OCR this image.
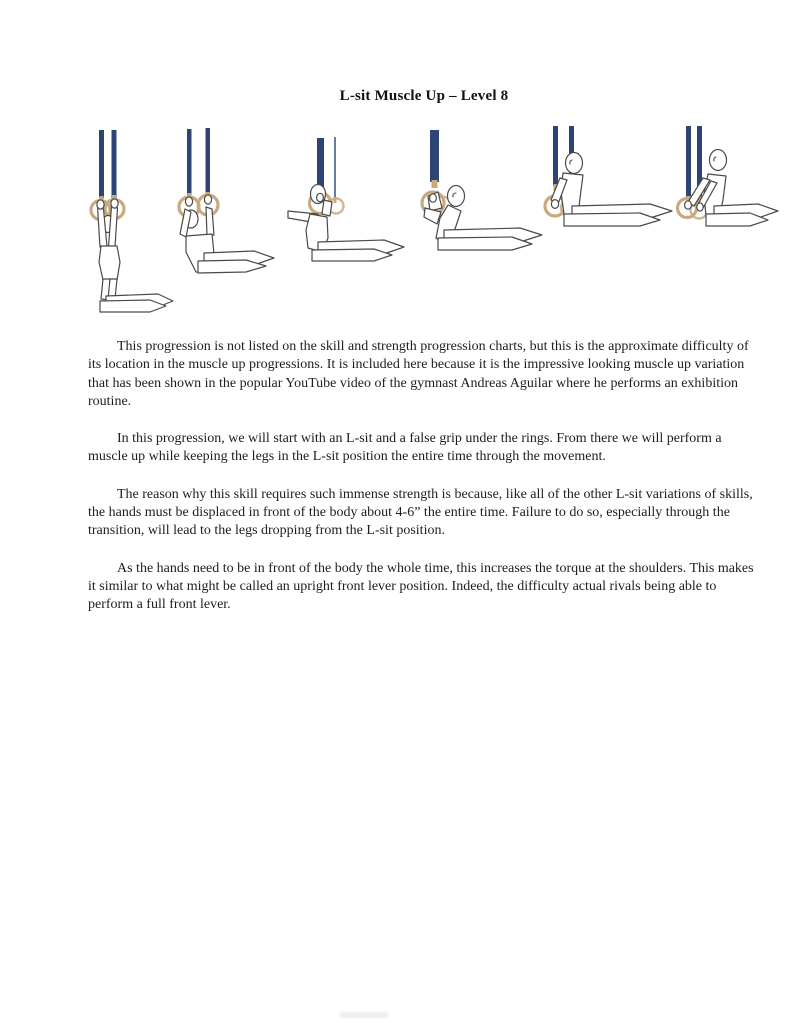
L-sit Muscle Up – Level 8

This progression is not listed on the skill and strength progression charts, but this is the approximate difficulty of its location in the muscle up progressions. It is included here because it is the impressive looking muscle up variation that has been shown in the popular YouTube video of the gymnast Andreas Aguilar where he performs an exhibition routine.

In this progression, we will start with an L-sit and a false grip under the rings. From there we will perform a muscle up while keeping the legs in the L-sit position the entire time through the movement.

The reason why this skill requires such immense strength is because, like all of the other L-sit variations of skills, the hands must be displaced in front of the body about 4-6” the entire time. Failure to do so, especially through the transition, will lead to the legs dropping from the L-sit position.

As the hands need to be in front of the body the whole time, this increases the torque at the shoulders. This makes it similar to what might be called an upright front lever position. Indeed, the difficulty actual rivals being able to perform a full front lever.
